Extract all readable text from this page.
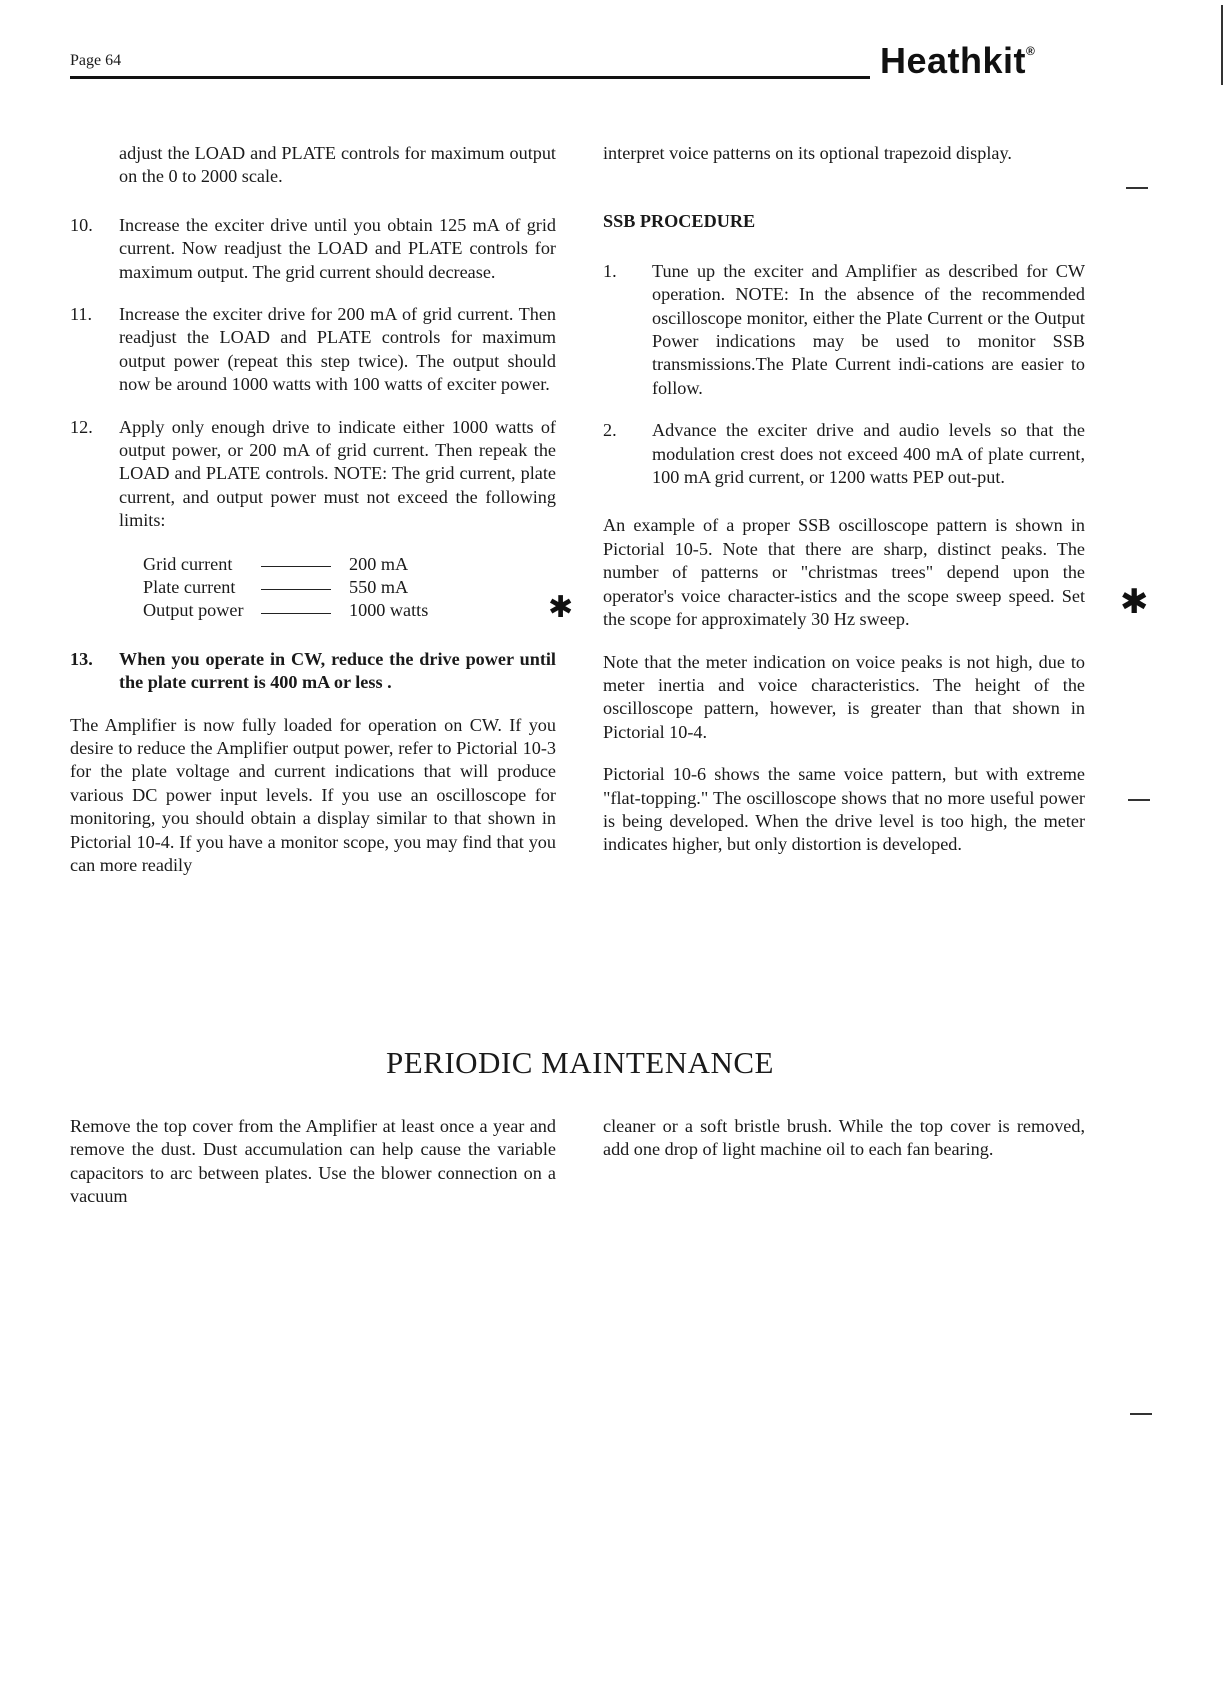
Page 64	Heathkit®

adjust the LOAD and PLATE controls for maximum output on the 0 to 2000 scale.

10. Increase the exciter drive until you obtain 125 mA of grid current. Now readjust the LOAD and PLATE controls for maximum output. The grid current should decrease.
11. Increase the exciter drive for 200 mA of grid current. Then readjust the LOAD and PLATE controls for maximum output power (repeat this step twice). The output should now be around 1000 watts with 100 watts of exciter power.
12. Apply only enough drive to indicate either 1000 watts of output power, or 200 mA of grid current. Then repeak the LOAD and PLATE controls. NOTE: The grid current, plate current, and output power must not exceed the following limits:
Grid current	200 mA
Plate current	550 mA
Output power	1000 watts
13. When you operate in CW, reduce the drive power until the plate current is 400 mA or less .

The Amplifier is now fully loaded for operation on CW. If you desire to reduce the Amplifier output power, refer to Pictorial 10-3 for the plate voltage and current indications that will produce various DC power input levels. If you use an oscilloscope for monitoring, you should obtain a display similar to that shown in Pictorial 10-4. If you have a monitor scope, you may find that you can more readily

interpret voice patterns on its optional trapezoid display.

SSB PROCEDURE
1. Tune up the exciter and Amplifier as described for CW operation. NOTE: In the absence of the recommended oscilloscope monitor, either the Plate Current or the Output Power indications may be used to monitor SSB transmissions.The Plate Current indi-cations are easier to follow.
2. Advance the exciter drive and audio levels so that the modulation crest does not exceed 400 mA of plate current, 100 mA grid current, or 1200 watts PEP out-put.

An example of a proper SSB oscilloscope pattern is shown in Pictorial 10-5. Note that there are sharp, distinct peaks. The number of patterns or "christmas trees" depend upon the operator's voice character-istics and the scope sweep speed. Set the scope for approximately 30 Hz sweep.

Note that the meter indication on voice peaks is not high, due to meter inertia and voice characteristics. The height of the oscilloscope pattern, however, is greater than that shown in Pictorial 10-4.

Pictorial 10-6 shows the same voice pattern, but with extreme "flat-topping." The oscilloscope shows that no more useful power is being developed. When the drive level is too high, the meter indicates higher, but only distortion is developed.

PERIODIC MAINTENANCE
Remove the top cover from the Amplifier at least once a year and remove the dust. Dust accumulation can help cause the variable capacitors to arc between plates. Use the blower connection on a vacuum
cleaner or a soft bristle brush. While the top cover is removed, add one drop of light machine oil to each fan bearing.
✱	✱
